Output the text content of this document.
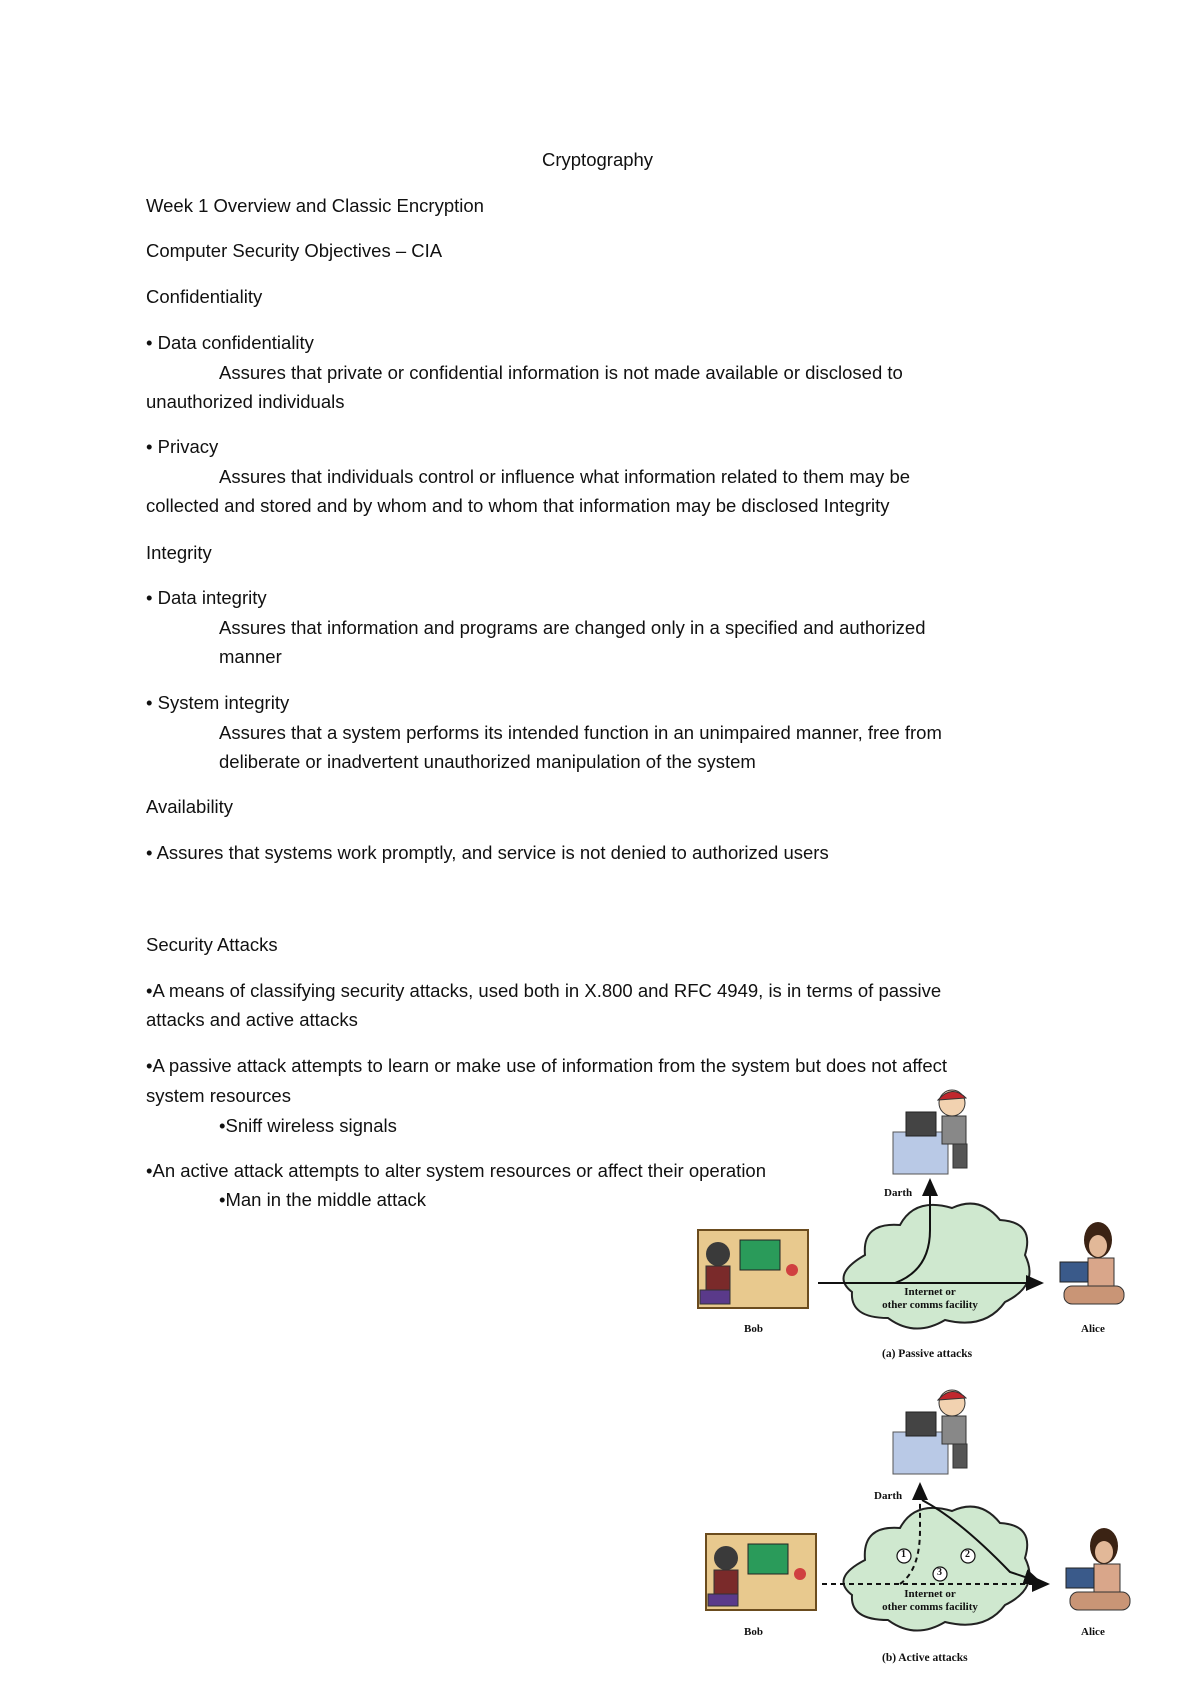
Cryptography
Week 1 Overview and Classic Encryption
Computer Security Objectives – CIA
Confidentiality
• Data confidentiality
Assures that private or confidential information is not made available or disclosed to
unauthorized individuals
• Privacy
Assures that individuals control or influence what information related to them may be
collected and stored and by whom and to whom that information may be disclosed Integrity
Integrity
• Data integrity
Assures that information and programs are changed only in a specified and authorized
manner
• System integrity
Assures that a system performs its intended function in an unimpaired manner, free from
deliberate or inadvertent unauthorized manipulation of the system
Availability
• Assures that systems work promptly, and service is not denied to authorized users
Security Attacks
•A means of classifying security attacks, used both in X.800 and RFC 4949, is in terms of passive
attacks and active attacks
•A passive attack attempts to learn or make use of information from the system but does not affect
system resources
•Sniff wireless signals
•An active attack attempts to alter system resources or affect their operation
•Man in the middle attack
1	2
3
Darth
Internet or
other comms facility
Bob	Alice
(a) Passive attacks
Darth
Internet or
other comms facility
Bob	Alice
(b) Active attacks
